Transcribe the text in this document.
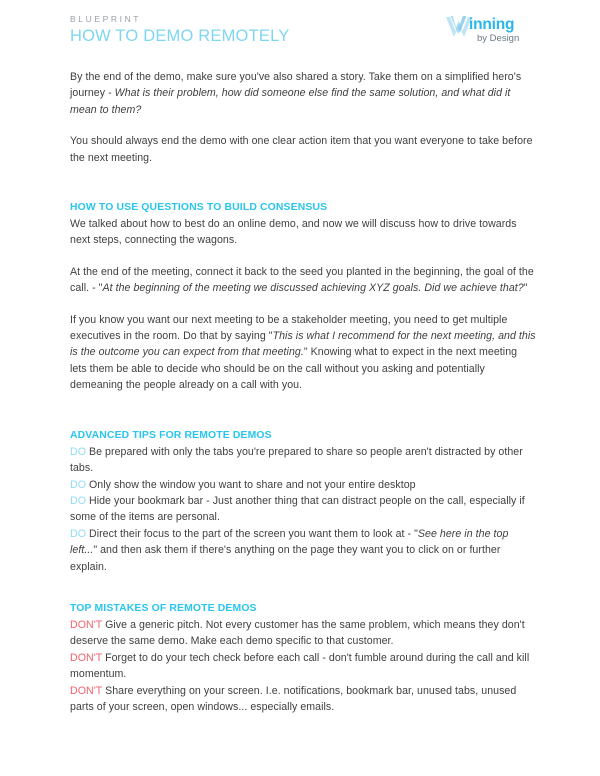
BLUEPRINT
HOW TO DEMO REMOTELY
inning
by Design

By the end of the demo, make sure you've also shared a story. Take them on a simplified hero's journey - What is their problem, how did someone else find the same solution, and what did it mean to them?

You should always end the demo with one clear action item that you want everyone to take before the next meeting.

HOW TO USE QUESTIONS TO BUILD CONSENSUS

We talked about how to best do an online demo, and now we will discuss how to drive towards next steps, connecting the wagons.

At the end of the meeting, connect it back to the seed you planted in the beginning, the goal of the call. - "At the beginning of the meeting we discussed achieving XYZ goals. Did we achieve that?"

If you know you want our next meeting to be a stakeholder meeting, you need to get multiple executives in the room. Do that by saying "This is what I recommend for the next meeting, and this is the outcome you can expect from that meeting." Knowing what to expect in the next meeting lets them be able to decide who should be on the call without you asking and potentially demeaning the people already on a call with you.

ADVANCED TIPS FOR REMOTE DEMOS
DO Be prepared with only the tabs you're prepared to share so people aren't distracted by other tabs.
DO Only show the window you want to share and not your entire desktop
DO Hide your bookmark bar - Just another thing that can distract people on the call, especially if some of the items are personal.
DO Direct their focus to the part of the screen you want them to look at - "See here in the top left..." and then ask them if there's anything on the page they want you to click on or further explain.
TOP MISTAKES OF REMOTE DEMOS
DON'T Give a generic pitch. Not every customer has the same problem, which means they don't deserve the same demo. Make each demo specific to that customer.
DON'T Forget to do your tech check before each call - don't fumble around during the call and kill momentum.
DON'T Share everything on your screen. I.e. notifications, bookmark bar, unused tabs, unused parts of your screen, open windows... especially emails.
